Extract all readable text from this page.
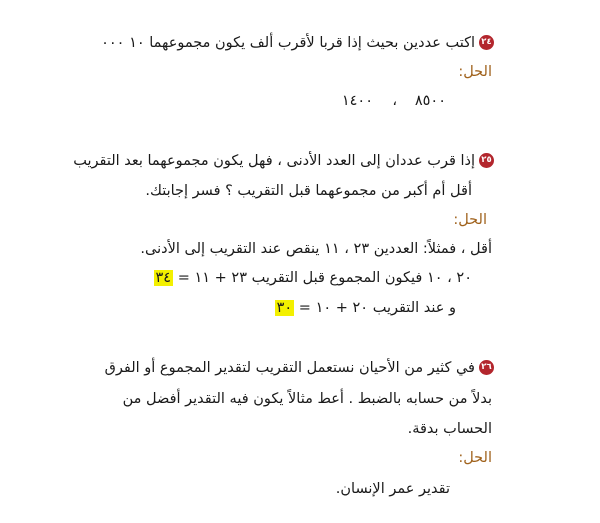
٢٤اكتب عددين بحيث إذا قربا لأقرب ألف يكون مجموعهما ١٠ ٠٠٠
الحل:
٨٥٠٠
،
١٤٠٠
٢٥إذا قرب عددان إلى العدد الأدنى ، فهل يكون مجموعهما بعد التقريب
أقل أم أكبر من مجموعهما قبل التقريب ؟ فسر إجابتك.
الحل:
أقل ، فمثلاً: العددين ٢٣ ، ١١ ينقص عند التقريب إلى الأدنى.
٢٠ ، ١٠ فيكون المجموع قبل التقريب ٢٣ + ١١ = ٣٤
و عند التقريب ٢٠ + ١٠ = ٣٠
٢٦في كثير من الأحيان نستعمل التقريب لتقدير المجموع أو الفرق
بدلاً من حسابه بالضبط . أعط مثالاً يكون فيه التقدير أفضل من
الحساب بدقة.
الحل:
تقدير عمر الإنسان.
